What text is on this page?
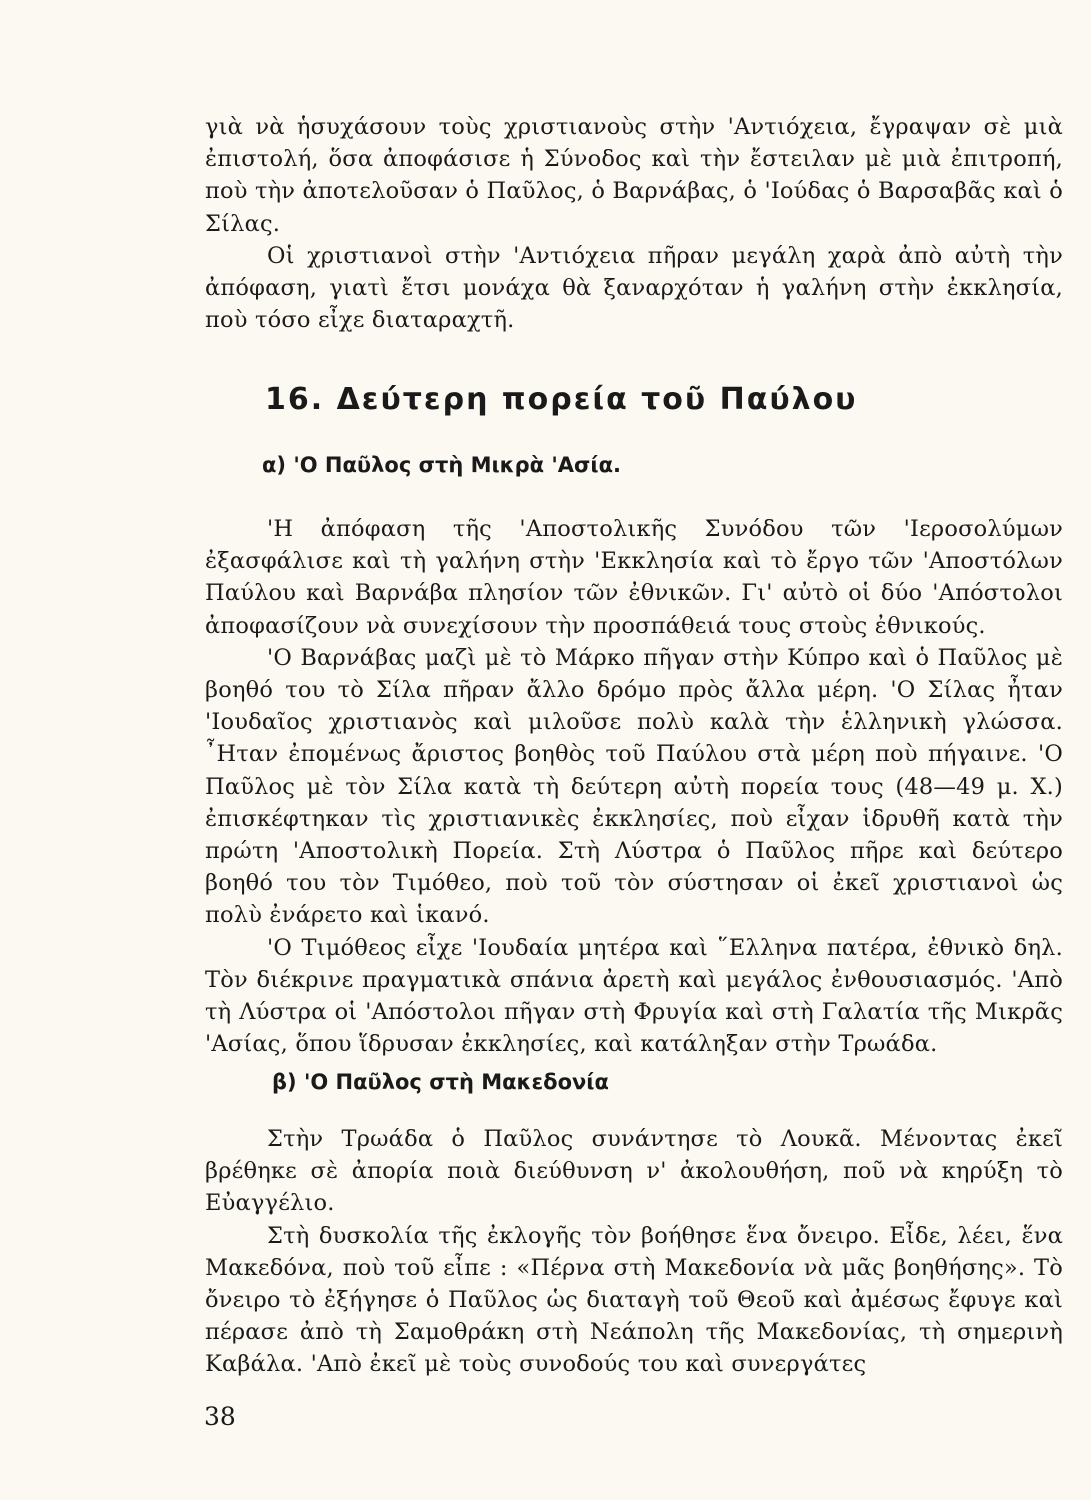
γιὰ νὰ ἡσυχάσουν τοὺς χριστιανοὺς στὴν 'Αντιόχεια, ἔγραψαν σὲ μιὰ ἐπιστολή, ὅσα ἀποφάσισε ἡ Σύνοδος καὶ τὴν ἔστειλαν μὲ μιὰ ἐπιτροπή, ποὺ τὴν ἀποτελοῦσαν ὁ Παῦλος, ὁ Βαρνάβας, ὁ 'Ιούδας ὁ Βαρσαβᾶς καὶ ὁ Σίλας.

Οἱ χριστιανοὶ στὴν 'Αντιόχεια πῆραν μεγάλη χαρὰ ἀπὸ αὐτὴ τὴν ἀπόφαση, γιατὶ ἔτσι μονάχα θὰ ξαναρχόταν ἡ γαλήνη στὴν ἐκκλησία, ποὺ τόσο εἶχε διαταραχτῆ.

16. Δεύτερη πορεία τοῦ Παύλου
α) 'Ο Παῦλος στὴ Μικρὰ 'Ασία.

'Η ἀπόφαση τῆς 'Αποστολικῆς Συνόδου τῶν 'Ιεροσολύμων ἐξασφάλισε καὶ τὴ γαλήνη στὴν 'Εκκλησία καὶ τὸ ἔργο τῶν 'Αποστόλων Παύλου καὶ Βαρνάβα πλησίον τῶν ἐθνικῶν. Γι' αὐτὸ οἱ δύο 'Απόστολοι ἀποφασίζουν νὰ συνεχίσουν τὴν προσπάθειά τους στοὺς ἐθνικούς.

'Ο Βαρνάβας μαζὶ μὲ τὸ Μάρκο πῆγαν στὴν Κύπρο καὶ ὁ Παῦλος μὲ βοηθό του τὸ Σίλα πῆραν ἄλλο δρόμο πρὸς ἄλλα μέρη. 'Ο Σίλας ἦταν 'Ιουδαῖος χριστιανὸς καὶ μιλοῦσε πολὺ καλὰ τὴν ἑλληνικὴ γλώσσα. ῏Ηταν ἐπομένως ἄριστος βοηθὸς τοῦ Παύλου στὰ μέρη ποὺ πήγαινε. 'Ο Παῦλος μὲ τὸν Σίλα κατὰ τὴ δεύτερη αὐτὴ πορεία τους (48—49 μ. Χ.) ἐπισκέφτηκαν τὶς χριστιανικὲς ἐκκλησίες, ποὺ εἶχαν ἱδρυθῆ κατὰ τὴν πρώτη 'Αποστολικὴ Πορεία. Στὴ Λύστρα ὁ Παῦλος πῆρε καὶ δεύτερο βοηθό του τὸν Τιμόθεο, ποὺ τοῦ τὸν σύστησαν οἱ ἐκεῖ χριστιανοὶ ὡς πολὺ ἐνάρετο καὶ ἱκανό.

'Ο Τιμόθεος εἶχε 'Ιουδαία μητέρα καὶ ῞Ελληνα πατέρα, ἐθνικὸ δηλ. Τὸν διέκρινε πραγματικὰ σπάνια ἀρετὴ καὶ μεγάλος ἐνθουσιασμός. 'Απὸ τὴ Λύστρα οἱ 'Απόστολοι πῆγαν στὴ Φρυγία καὶ στὴ Γαλατία τῆς Μικρᾶς 'Ασίας, ὅπου ἵδρυσαν ἐκκλησίες, καὶ κατάληξαν στὴν Τρωάδα.

β) 'Ο Παῦλος στὴ Μακεδονία

Στὴν Τρωάδα ὁ Παῦλος συνάντησε τὸ Λουκᾶ. Μένοντας ἐκεῖ βρέθηκε σὲ ἀπορία ποιὰ διεύθυνση ν' ἀκολουθήση, ποῦ νὰ κηρύξη τὸ Εὐαγγέλιο.

Στὴ δυσκολία τῆς ἐκλογῆς τὸν βοήθησε ἕνα ὄνειρο. Εἶδε, λέει, ἕνα Μακεδόνα, ποὺ τοῦ εἶπε : «Πέρνα στὴ Μακεδονία νὰ μᾶς βοηθήσης». Τὸ ὄνειρο τὸ ἐξήγησε ὁ Παῦλος ὡς διαταγὴ τοῦ Θεοῦ καὶ ἀμέσως ἔφυγε καὶ πέρασε ἀπὸ τὴ Σαμοθράκη στὴ Νεάπολη τῆς Μακεδονίας, τὴ σημερινὴ Καβάλα. 'Απὸ ἐκεῖ μὲ τοὺς συνοδούς του καὶ συνεργάτες

38
